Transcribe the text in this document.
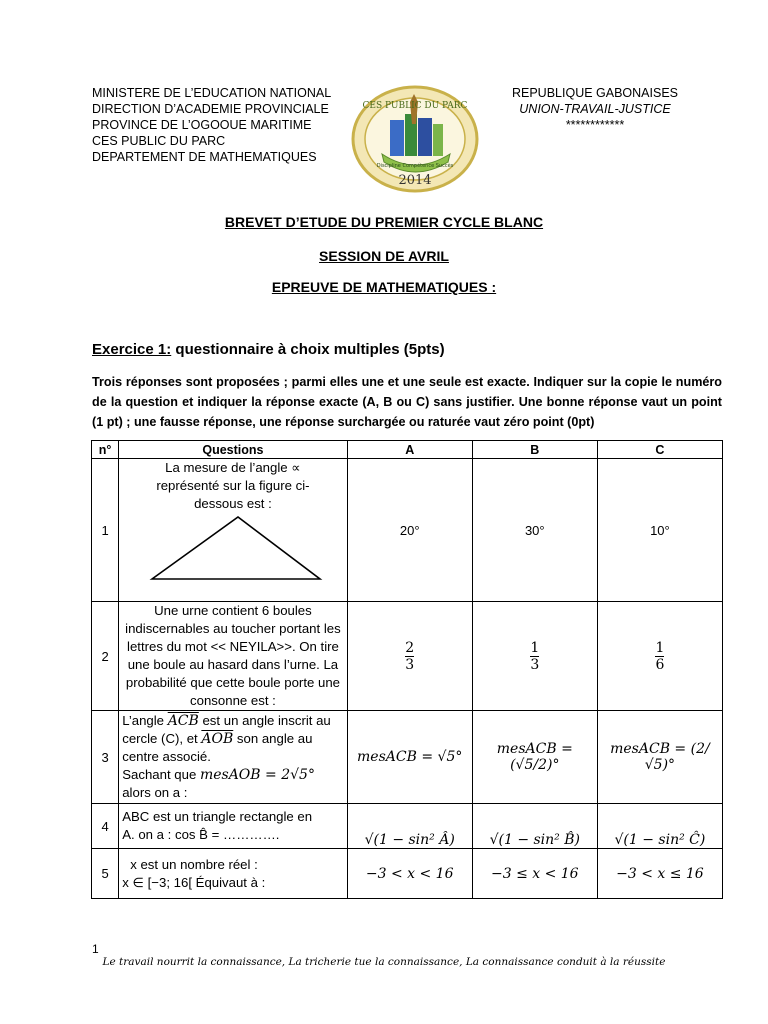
MINISTERE DE L’EDUCATION NATIONAL
DIRECTION D’ACADEMIE PROVINCIALE
PROVINCE DE L’OGOOUE MARITIME
CES PUBLIC DU PARC
DEPARTEMENT DE MATHEMATIQUES
CES PUBLIC DU PARC
Discipline Compétence Succès
2014
REPUBLIQUE GABONAISES
UNION-TRAVAIL-JUSTICE
************
BREVET D’ETUDE DU PREMIER CYCLE BLANC
SESSION DE AVRIL
EPREUVE DE MATHEMATIQUES :
Exercice 1: questionnaire à choix multiples (5pts)
Trois réponses sont proposées ; parmi elles une et une seule est exacte. Indiquer sur la copie le numéro de la question et indiquer la réponse exacte (A, B ou C) sans justifier. Une bonne réponse vaut un point (1 pt) ; une fausse réponse, une réponse surchargée ou raturée vaut zéro point (0pt)
n°	Questions	A	B	C
1	La mesure de l’angle ∝ représenté sur la figure ci-dessous est :	20°	30°	10°
2	Une urne contient 6 boules indiscernables au toucher portant les lettres du mot << NEYILA>>. On tire une boule au hasard dans l’urne. La probabilité que cette boule porte une consonne est :	$\frac{2}{3}$	$\frac{1}{3}$	$\frac{1}{6}$

3	L’angle $\overline{ACB}$ est un angle inscrit au cercle (C), et $\overline{AOB}$ son angle au centre associé.
Sachant que mesAOB = 2√5°
alors on a :	mesACB = √5°	mesACB = (√5/2)°	mesACB = (2/√5)°
4	ABC est un triangle rectangle en
A. on a : cos B̂ = ………….	√(1 − sin² Â)	√(1 − sin² B̂)	√(1 − sin² Ĉ)
5	x est un nombre réel :
x ∈ [−3; 16[ Équivaut à :	−3 < x < 16	−3 ≤ x < 16	−3 < x ≤ 16
1
Le travail nourrit la connaissance, La tricherie tue la connaissance, La connaissance conduit à la réussite
